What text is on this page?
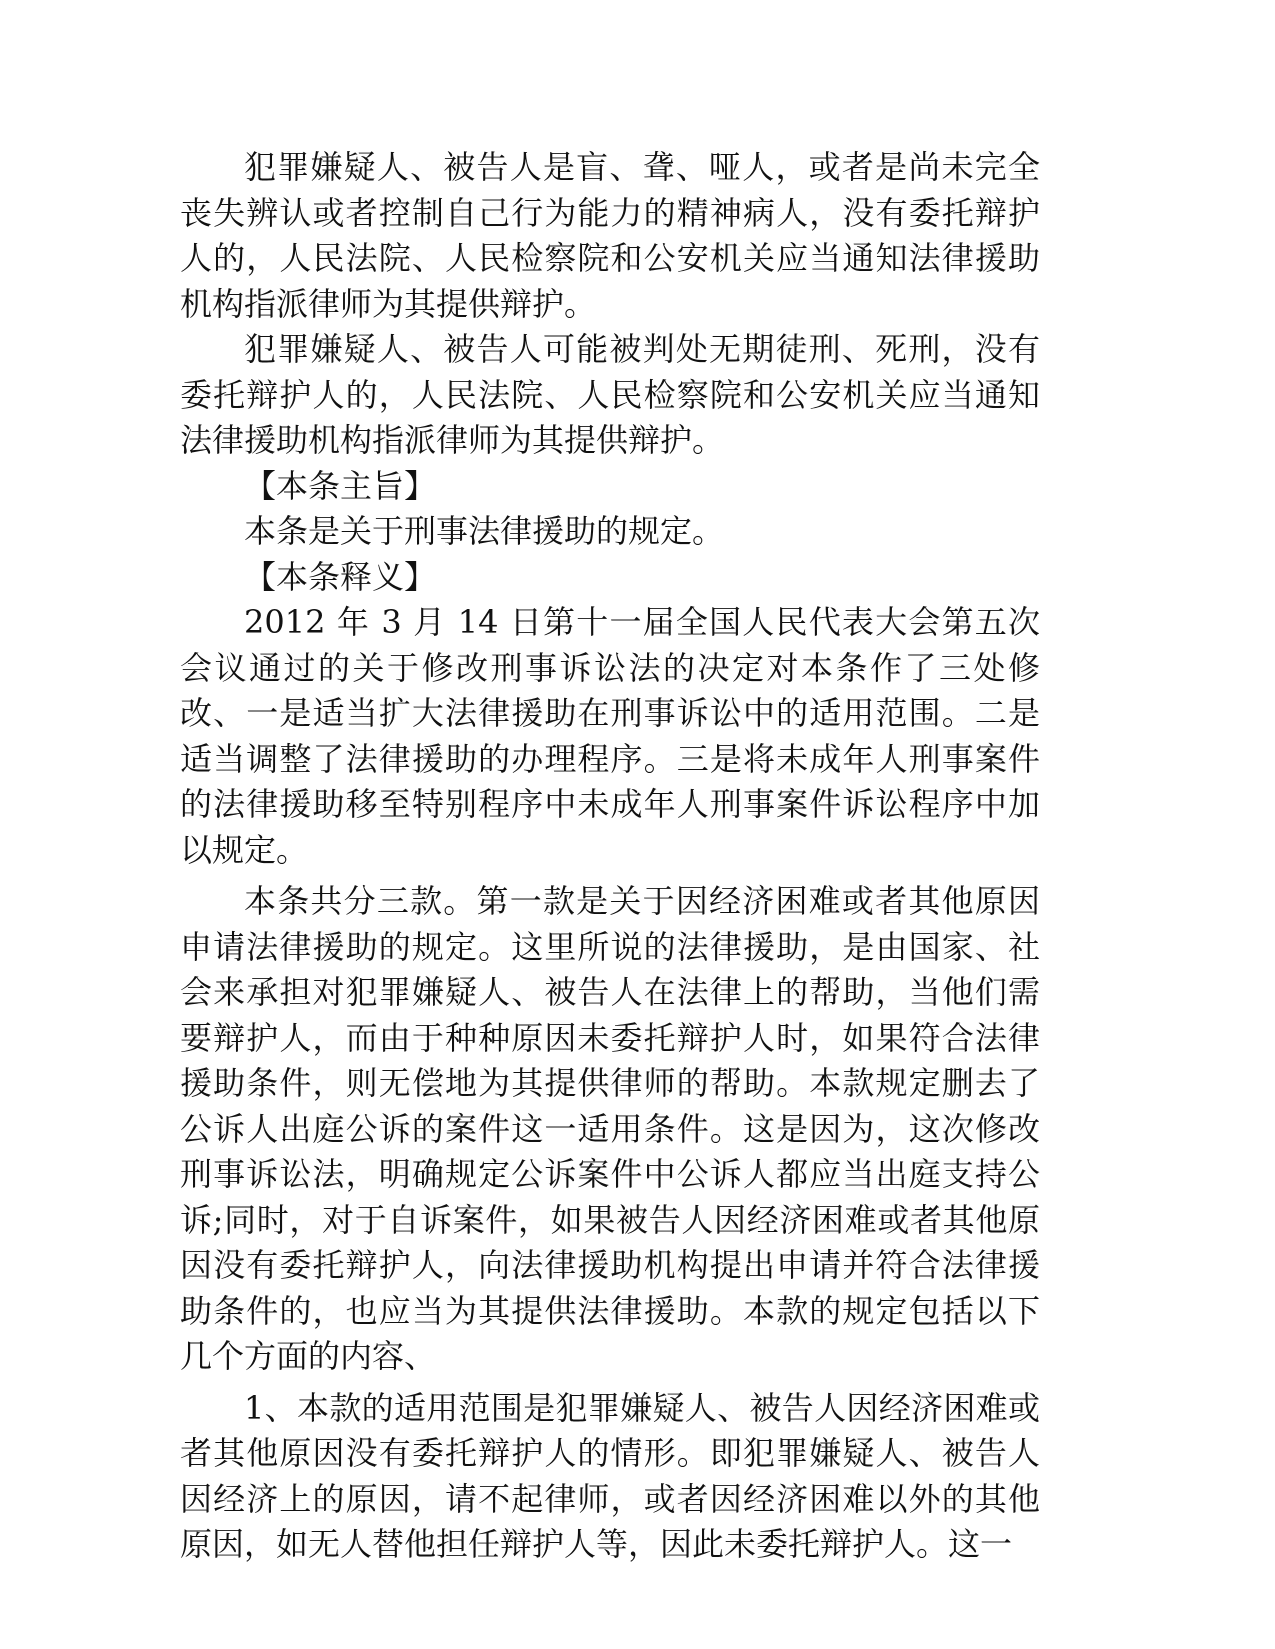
犯罪嫌疑人、被告人是盲、聋、哑人，或者是尚未完全丧失辨认或者控制自己行为能力的精神病人，没有委托辩护人的，人民法院、人民检察院和公安机关应当通知法律援助机构指派律师为其提供辩护。

犯罪嫌疑人、被告人可能被判处无期徒刑、死刑，没有委托辩护人的，人民法院、人民检察院和公安机关应当通知法律援助机构指派律师为其提供辩护。

【本条主旨】

本条是关于刑事法律援助的规定。

【本条释义】

2012 年 3 月 14 日第十一届全国人民代表大会第五次会议通过的关于修改刑事诉讼法的决定对本条作了三处修改、一是适当扩大法律援助在刑事诉讼中的适用范围。二是适当调整了法律援助的办理程序。三是将未成年人刑事案件的法律援助移至特别程序中未成年人刑事案件诉讼程序中加以规定。

本条共分三款。第一款是关于因经济困难或者其他原因申请法律援助的规定。这里所说的法律援助，是由国家、社会来承担对犯罪嫌疑人、被告人在法律上的帮助，当他们需要辩护人，而由于种种原因未委托辩护人时，如果符合法律援助条件，则无偿地为其提供律师的帮助。本款规定删去了公诉人出庭公诉的案件这一适用条件。这是因为，这次修改刑事诉讼法，明确规定公诉案件中公诉人都应当出庭支持公诉;同时，对于自诉案件，如果被告人因经济困难或者其他原因没有委托辩护人，向法律援助机构提出申请并符合法律援助条件的，也应当为其提供法律援助。本款的规定包括以下几个方面的内容、

1、本款的适用范围是犯罪嫌疑人、被告人因经济困难或者其他原因没有委托辩护人的情形。即犯罪嫌疑人、被告人因经济上的原因，请不起律师，或者因经济困难以外的其他原因，如无人替他担任辩护人等，因此未委托辩护人。这一
